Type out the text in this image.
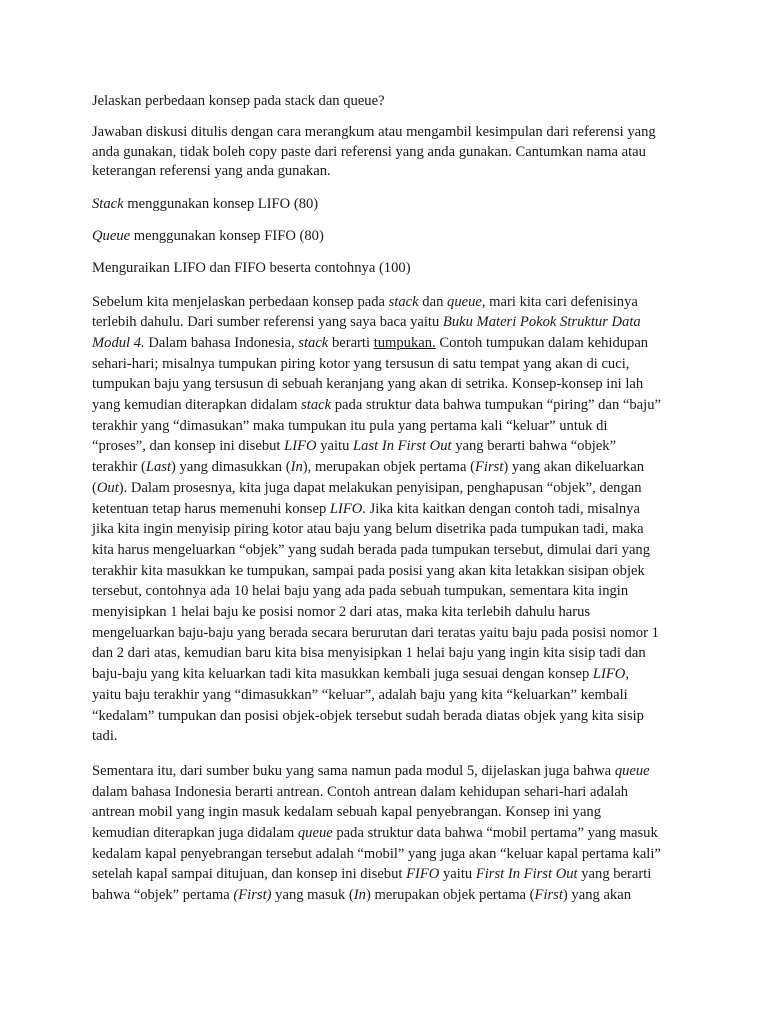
Jelaskan perbedaan konsep pada stack dan queue?

Jawaban diskusi ditulis dengan cara merangkum atau mengambil kesimpulan dari referensi yang
anda gunakan, tidak boleh copy paste dari referensi yang anda gunakan. Cantumkan nama atau
keterangan referensi yang anda gunakan.

Stack menggunakan konsep LIFO (80)

Queue menggunakan konsep FIFO (80)

Menguraikan LIFO dan FIFO beserta contohnya (100)

Sebelum kita menjelaskan perbedaan konsep pada stack dan queue, mari kita cari defenisinya
terlebih dahulu. Dari sumber referensi yang saya baca yaitu Buku Materi Pokok Struktur Data
Modul 4. Dalam bahasa Indonesia, stack berarti tumpukan. Contoh tumpukan dalam kehidupan
sehari-hari; misalnya tumpukan piring kotor yang tersusun di satu tempat yang akan di cuci,
tumpukan baju yang tersusun di sebuah keranjang yang akan di setrika. Konsep-konsep ini lah
yang kemudian diterapkan didalam stack pada struktur data bahwa tumpukan “piring” dan “baju”
terakhir yang “dimasukan” maka tumpukan itu pula yang pertama kali “keluar” untuk di
“proses”, dan konsep ini disebut LIFO yaitu Last In First Out yang berarti bahwa “objek”
terakhir (Last) yang dimasukkan (In), merupakan objek pertama (First) yang akan dikeluarkan
(Out). Dalam prosesnya, kita juga dapat melakukan penyisipan, penghapusan “objek”, dengan
ketentuan tetap harus memenuhi konsep LIFO. Jika kita kaitkan dengan contoh tadi, misalnya
jika kita ingin menyisip piring kotor atau baju yang belum disetrika pada tumpukan tadi, maka
kita harus mengeluarkan “objek” yang sudah berada pada tumpukan tersebut, dimulai dari yang
terakhir kita masukkan ke tumpukan, sampai pada posisi yang akan kita letakkan sisipan objek
tersebut, contohnya ada 10 helai baju yang ada pada sebuah tumpukan, sementara kita ingin
menyisipkan 1 helai baju ke posisi nomor 2 dari atas, maka kita terlebih dahulu harus
mengeluarkan baju-baju yang berada secara berurutan dari teratas yaitu baju pada posisi nomor 1
dan 2 dari atas, kemudian baru kita bisa menyisipkan 1 helai baju yang ingin kita sisip tadi dan
baju-baju yang kita keluarkan tadi kita masukkan kembali juga sesuai dengan konsep LIFO,
yaitu baju terakhir yang “dimasukkan” “keluar”, adalah baju yang kita “keluarkan” kembali
“kedalam” tumpukan dan posisi objek-objek tersebut sudah berada diatas objek yang kita sisip
tadi.

Sementara itu, dari sumber buku yang sama namun pada modul 5, dijelaskan juga bahwa queue
dalam bahasa Indonesia berarti antrean. Contoh antrean dalam kehidupan sehari-hari adalah
antrean mobil yang ingin masuk kedalam sebuah kapal penyebrangan. Konsep ini yang
kemudian diterapkan juga didalam queue pada struktur data bahwa “mobil pertama” yang masuk
kedalam kapal penyebrangan tersebut adalah “mobil” yang juga akan “keluar kapal pertama kali”
setelah kapal sampai ditujuan, dan konsep ini disebut FIFO yaitu First In First Out yang berarti
bahwa “objek” pertama (First) yang masuk (In) merupakan objek pertama (First) yang akan
